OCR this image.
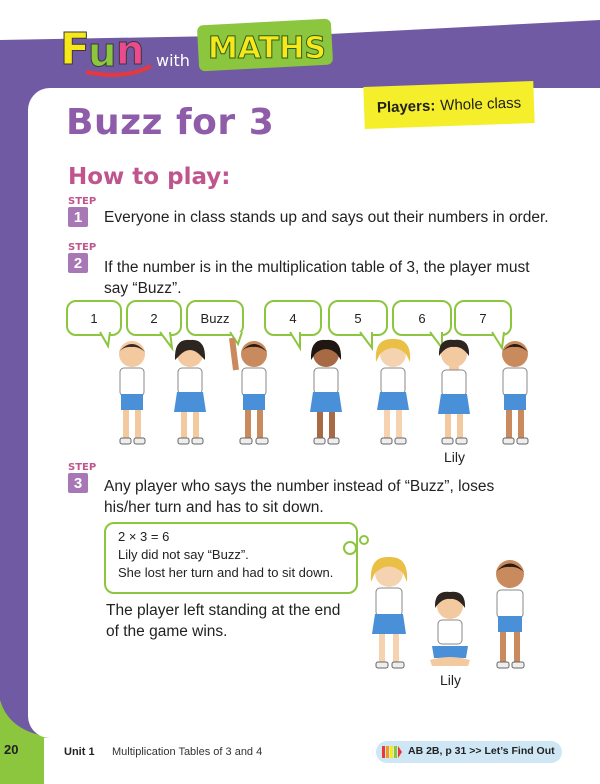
F
u n with MATHS
Buzz for 3	Players: Whole class
How to play:
STEP
1	Everyone in class stands up and says out their numbers in order.
STEP
2	If the number is in the multiplication table of 3, the player must
say “Buzz”.
1	2	Buzz	4	5	6	7
Lily
STEP
3	Any player who says the number instead of “Buzz”, loses
his/her turn and has to sit down.
2 × 3 = 6
Lily did not say “Buzz”.
She lost her turn and had to sit down.
The player left standing at the end
of the game wins.
Lily
20	Unit 1 Multiplication Tables of 3 and 4	AB 2B, p 31 >> Let’s Find Out
